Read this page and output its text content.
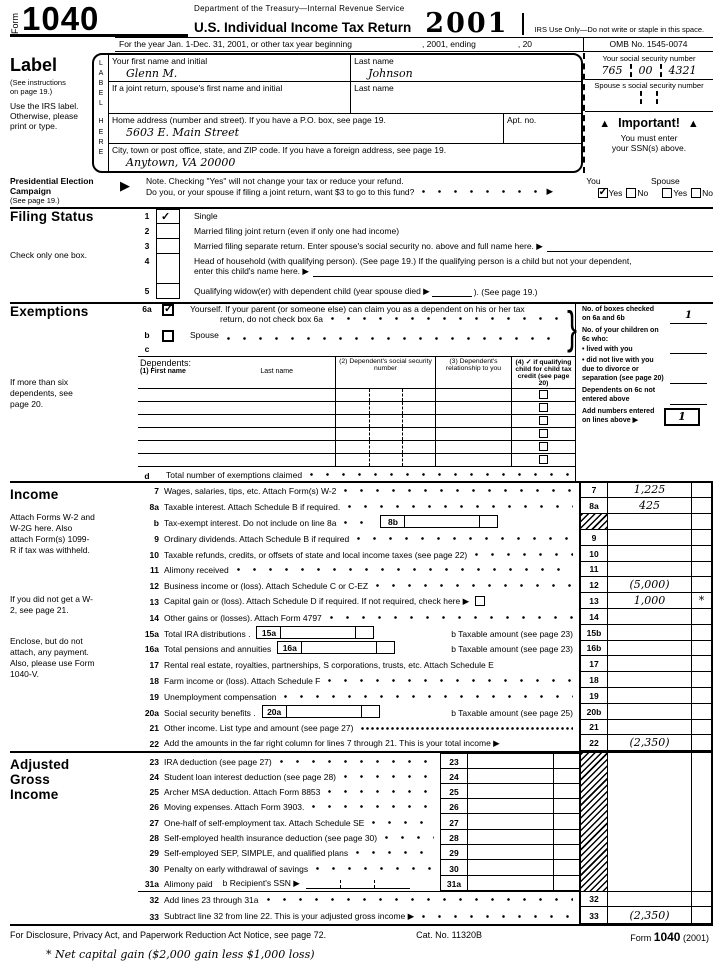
Form 1040	Department of the Treasury—Internal Revenue Service
U.S. Individual Income Tax Return 2001	IRS Use Only—Do not write or staple in this space.
For the year Jan. 1-Dec. 31, 2001, or other tax year beginning	, 2001, ending	, 20	OMB No. 1545-0074
Label
(See instructions on page 19.)
Use the IRS label. Otherwise, please print or type.
L
A
B
E
L
H
E
R
E
Your first name and initial
Glenn M.
Last name
Johnson
If a joint return, spouse's first name and initial	Last name
Home address (number and street). If you have a P.O. box, see page 19.
5603 E. Main Street
Apt. no.
City, town or post office, state, and ZIP code. If you have a foreign address, see page 19.
Anytown, VA 20000
Your social security number
765 00 4321
Spouse s social security number
▲ Important! ▲
You must enter
your SSN(s) above.
Presidential Election Campaign
(See page 19.)
▶ Note. Checking "Yes" will not change your tax or reduce your refund.
Do you, or your spouse if filing a joint return, want $3 to go to this fund?	▶
You	Spouse
✓ Yes No	Yes No
Filing Status
Check only one box.
1	✓	Single
2	Married filing joint return (even if only one had income)
3	Married filing separate return. Enter spouse's social security no. above and full name here. ▶
4	Head of household (with qualifying person). (See page 19.) If the qualifying person is a child but not your dependent,
enter this child's name here. ▶
5	Qualifying widow(er) with dependent child (year spouse died ▶	). (See page 19.)
Exemptions
If more than six dependents, see page 20.
}
6a	✓ Yourself. If your parent (or someone else) can claim you as a dependent on his or her tax
return, do not check box 6a
b	Spouse
c
Dependents:
(1) First name	Last name
(2) Dependent's social security number
(3) Dependent's relationship to you
(4) ✓ if qualifying child for child tax credit (see page 20)
d	Total number of exemptions claimed
No. of boxes checked on 6a and 6b	1
No. of your children on 6c who:
• lived with you
• did not live with you due to divorce or separation (see page 20)
Dependents on 6c not entered above
Add numbers entered on lines above ▶	1
Income
Attach Forms W-2 and W-2G here. Also attach Form(s) 1099-R if tax was withheld.
If you did not get a W-2, see page 21.
Enclose, but do not attach, any payment. Also, please use Form 1040-V.
7 Wages, salaries, tips, etc. Attach Form(s) W-2	7	1,225
8a Taxable interest. Attach Schedule B if required.	8a	425
b Tax-exempt interest. Do not include on line 8a	8b
9 Ordinary dividends. Attach Schedule B if required	9
10 Taxable refunds, credits, or offsets of state and local income taxes (see page 22)	10
11 Alimony received	11
12 Business income or (loss). Attach Schedule C or C-EZ	12	(5,000)
13 Capital gain or (loss). Attach Schedule D if required. If not required, check here ▶	13	1,000	*
14 Other gains or (losses). Attach Form 4797	14
15a Total IRA distributions .	15a	b Taxable amount (see page 23)	15b
16a Total pensions and annuities	16a	b Taxable amount (see page 23)	16b
17 Rental real estate, royalties, partnerships, S corporations, trusts, etc. Attach Schedule E	17
18 Farm income or (loss). Attach Schedule F	18
19 Unemployment compensation	19
20a Social security benefits .	20a	b Taxable amount (see page 25)	20b
21 Other income. List type and amount (see page 27)	21
22 Add the amounts in the far right column for lines 7 through 21. This is your total income ▶	22	(2,350)
Adjusted
Gross
Income
23 IRA deduction (see page 27)	23
24 Student loan interest deduction (see page 28)	24
25 Archer MSA deduction. Attach Form 8853	25
26 Moving expenses. Attach Form 3903.	26
27 One-half of self-employment tax. Attach Schedule SE	27
28 Self-employed health insurance deduction (see page 30)	28
29 Self-employed SEP, SIMPLE, and qualified plans	29
30 Penalty on early withdrawal of savings	30
31a Alimony paid b Recipient's SSN ▶	31a
32 Add lines 23 through 31a	32
33 Subtract line 32 from line 22. This is your adjusted gross income ▶	33	(2,350)
For Disclosure, Privacy Act, and Paperwork Reduction Act Notice, see page 72.	Cat. No. 11320B	Form 1040 (2001)
* Net capital gain ($2,000 gain less $1,000 loss)
